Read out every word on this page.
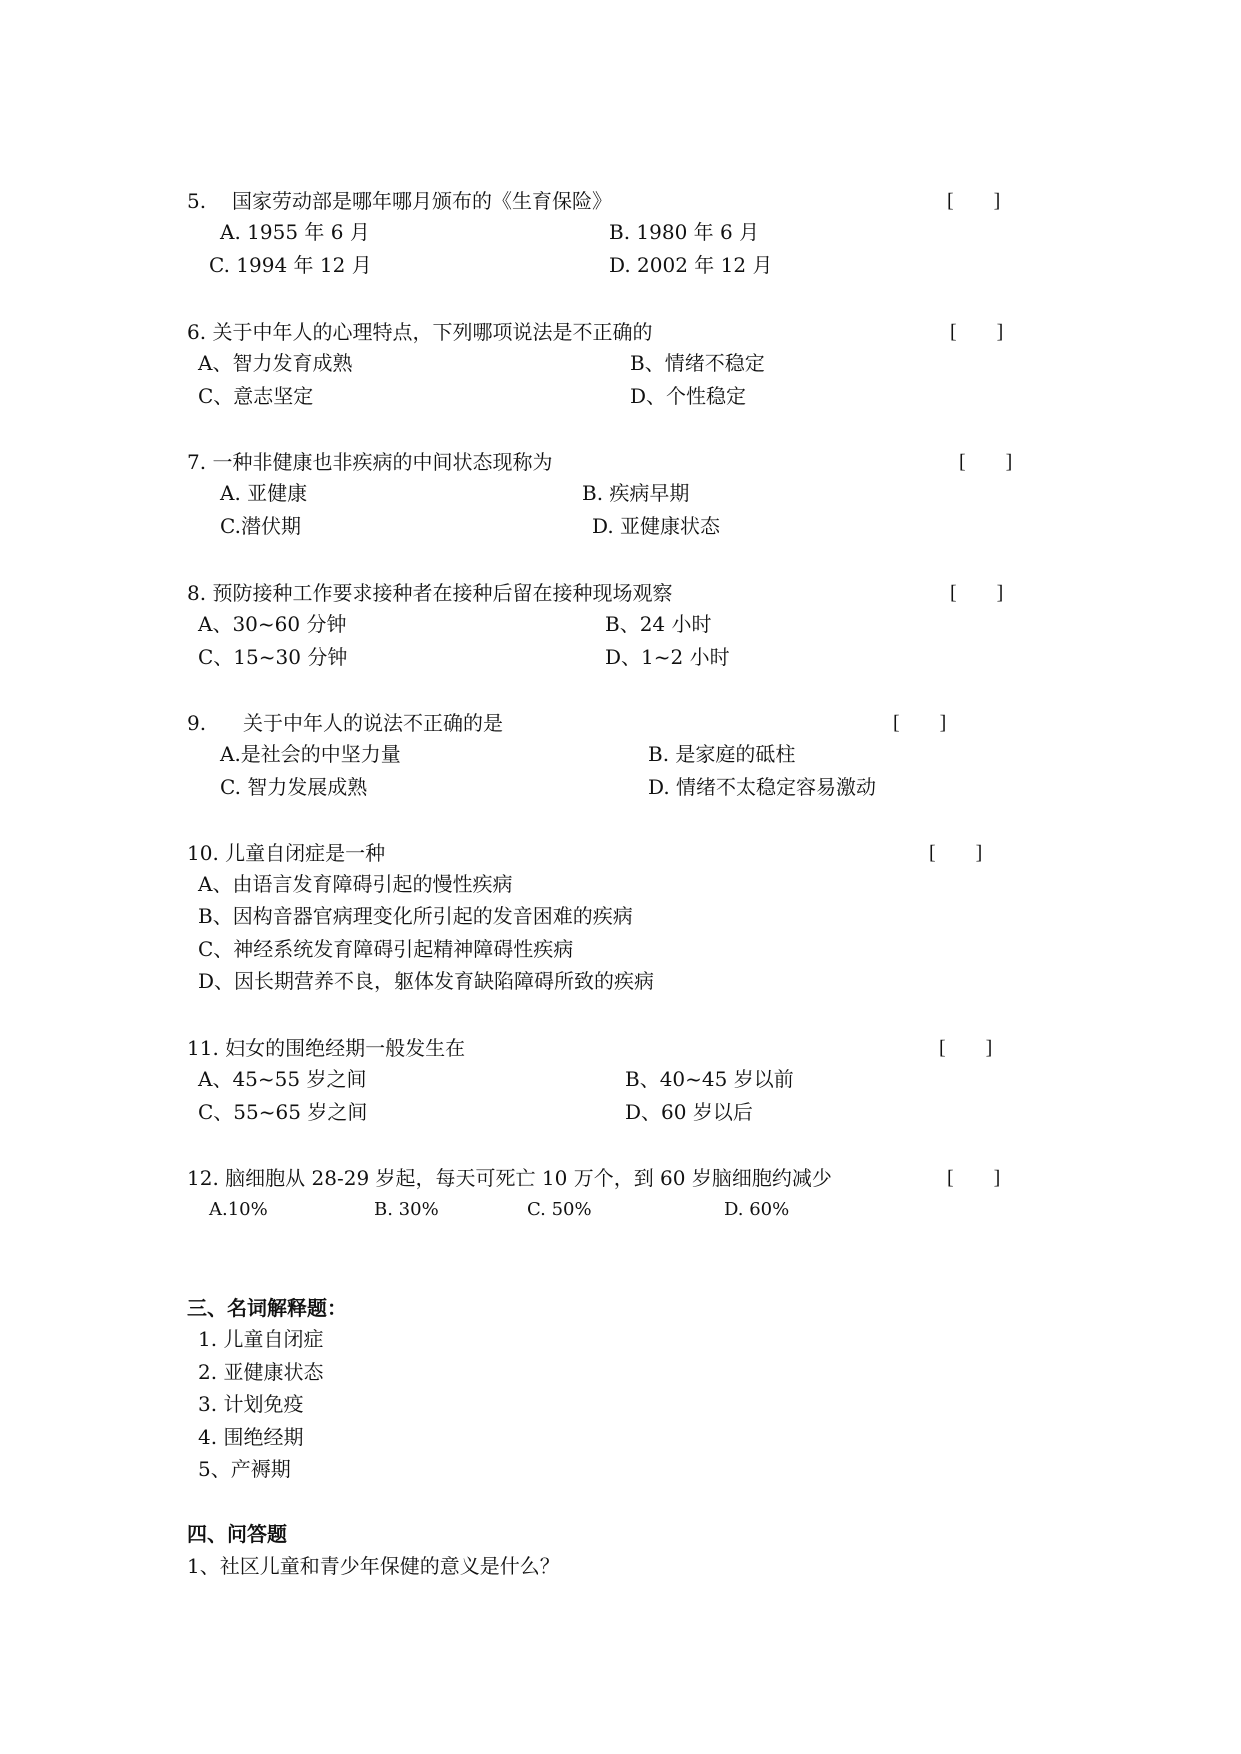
5. 国家劳动部是哪年哪月颁布的《生育保险》	[　　]
A. 1955 年 6 月	B. 1980 年 6 月
C. 1994 年 12 月	D. 2002 年 12 月
6. 关于中年人的心理特点，下列哪项说法是不正确的	[　　]
A、智力发育成熟	B、情绪不稳定
C、意志坚定	D、个性稳定
7. 一种非健康也非疾病的中间状态现称为	[　　]
A. 亚健康	B. 疾病早期
C.潜伏期	D. 亚健康状态
8. 预防接种工作要求接种者在接种后留在接种现场观察	[　　]
A、30~60 分钟	B、24 小时
C、15~30 分钟	D、1~2 小时
9. 关于中年人的说法不正确的是	[　　]
A.是社会的中坚力量	B. 是家庭的砥柱
C. 智力发展成熟	D. 情绪不太稳定容易激动
10. 儿童自闭症是一种	[　　]
A、由语言发育障碍引起的慢性疾病
B、因构音器官病理变化所引起的发音困难的疾病
C、神经系统发育障碍引起精神障碍性疾病
D、因长期营养不良，躯体发育缺陷障碍所致的疾病
11. 妇女的围绝经期一般发生在	[　　]
A、45~55 岁之间	B、40~45 岁以前
C、55~65 岁之间	D、60 岁以后
12. 脑细胞从 28-29 岁起，每天可死亡 10 万个，到 60 岁脑细胞约减少	[　　]
A.10%	B. 30%	C. 50%	D. 60%
三、名词解释题：
1. 儿童自闭症
2. 亚健康状态
3. 计划免疫
4. 围绝经期
5、产褥期
四、问答题
1、社区儿童和青少年保健的意义是什么？
